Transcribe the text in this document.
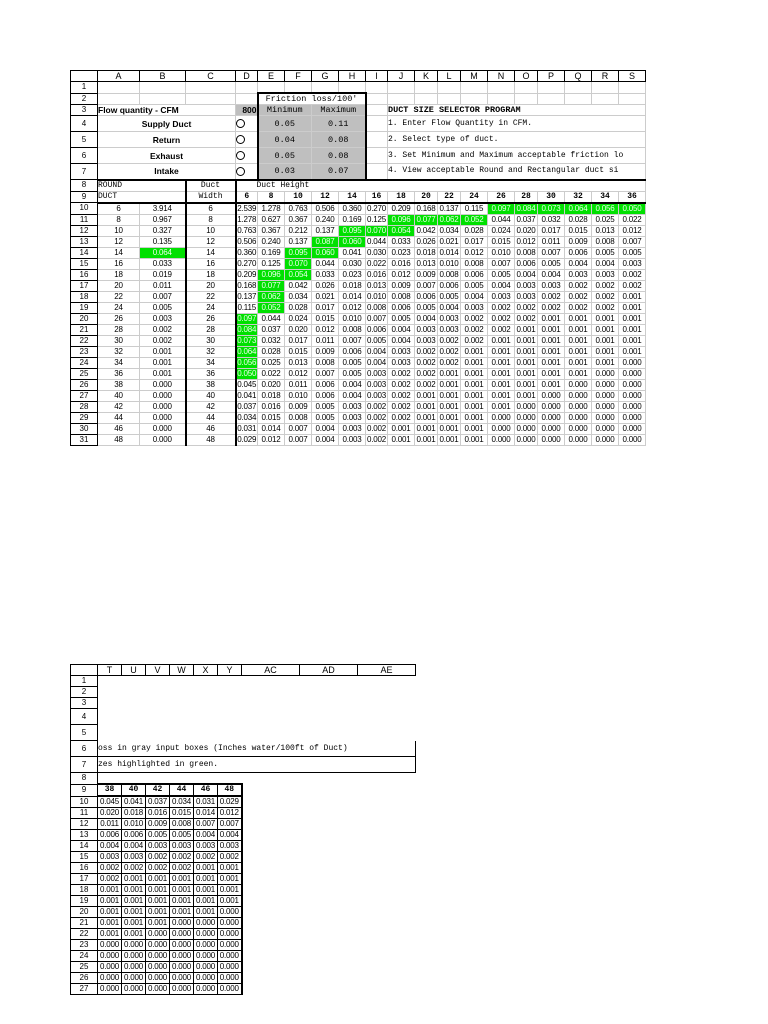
	A	B	C	D	E	F	G	H	I	J	K	L	M	N	O	P	Q	R	S
1																			
2					Friction loss/100'														
3	Flow quantity - CFM			800	Minimum		Maximum			DUCT SIZE SELECTOR PROGRAM									
4	Supply Duct				0.05		0.11			1. Enter Flow Quantity in CFM.									
5	Return				0.04		0.08			2. Select type of duct.									
6	Exhaust				0.05		0.08			3. Set Minimum and Maximum acceptable friction lo									
7	Intake				0.03		0.07			4. View acceptable Round and Rectangular duct si									
8	ROUND		Duct	Duct Height															
9	DUCT		Width	6	8	10	12	14	16	18	20	22	24	26	28	30	32	34	36
10	6	3.914	6	2.539	1.278	0.763	0.506	0.360	0.270	0.209	0.168	0.137	0.115	0.097	0.084	0.073	0.064	0.056	0.050
11	8	0.967	8	1.278	0.627	0.367	0.240	0.169	0.125	0.096	0.077	0.062	0.052	0.044	0.037	0.032	0.028	0.025	0.022
12	10	0.327	10	0.763	0.367	0.212	0.137	0.095	0.070	0.054	0.042	0.034	0.028	0.024	0.020	0.017	0.015	0.013	0.012
13	12	0.135	12	0.506	0.240	0.137	0.087	0.060	0.044	0.033	0.026	0.021	0.017	0.015	0.012	0.011	0.009	0.008	0.007
14	14	0.064	14	0.360	0.169	0.095	0.060	0.041	0.030	0.023	0.018	0.014	0.012	0.010	0.008	0.007	0.006	0.005	0.005
15	16	0.033	16	0.270	0.125	0.070	0.044	0.030	0.022	0.016	0.013	0.010	0.008	0.007	0.006	0.005	0.004	0.004	0.003
16	18	0.019	18	0.209	0.096	0.054	0.033	0.023	0.016	0.012	0.009	0.008	0.006	0.005	0.004	0.004	0.003	0.003	0.002
17	20	0.011	20	0.168	0.077	0.042	0.026	0.018	0.013	0.009	0.007	0.006	0.005	0.004	0.003	0.003	0.002	0.002	0.002
18	22	0.007	22	0.137	0.062	0.034	0.021	0.014	0.010	0.008	0.006	0.005	0.004	0.003	0.003	0.002	0.002	0.002	0.001
19	24	0.005	24	0.115	0.052	0.028	0.017	0.012	0.008	0.006	0.005	0.004	0.003	0.002	0.002	0.002	0.002	0.002	0.001
20	26	0.003	26	0.097	0.044	0.024	0.015	0.010	0.007	0.005	0.004	0.003	0.002	0.002	0.002	0.001	0.001	0.001	0.001
21	28	0.002	28	0.084	0.037	0.020	0.012	0.008	0.006	0.004	0.003	0.003	0.002	0.002	0.001	0.001	0.001	0.001	0.001
22	30	0.002	30	0.073	0.032	0.017	0.011	0.007	0.005	0.004	0.003	0.002	0.002	0.001	0.001	0.001	0.001	0.001	0.001
23	32	0.001	32	0.064	0.028	0.015	0.009	0.006	0.004	0.003	0.002	0.002	0.001	0.001	0.001	0.001	0.001	0.001	0.001
24	34	0.001	34	0.056	0.025	0.013	0.008	0.005	0.004	0.003	0.002	0.002	0.001	0.001	0.001	0.001	0.001	0.001	0.000
25	36	0.001	36	0.050	0.022	0.012	0.007	0.005	0.003	0.002	0.002	0.001	0.001	0.001	0.001	0.001	0.001	0.000	0.000
26	38	0.000	38	0.045	0.020	0.011	0.006	0.004	0.003	0.002	0.002	0.001	0.001	0.001	0.001	0.001	0.000	0.000	0.000
27	40	0.000	40	0.041	0.018	0.010	0.006	0.004	0.003	0.002	0.001	0.001	0.001	0.001	0.001	0.000	0.000	0.000	0.000
28	42	0.000	42	0.037	0.016	0.009	0.005	0.003	0.002	0.002	0.001	0.001	0.001	0.001	0.000	0.000	0.000	0.000	0.000
29	44	0.000	44	0.034	0.015	0.008	0.005	0.003	0.002	0.002	0.001	0.001	0.001	0.000	0.000	0.000	0.000	0.000	0.000
30	46	0.000	46	0.031	0.014	0.007	0.004	0.003	0.002	0.001	0.001	0.001	0.001	0.000	0.000	0.000	0.000	0.000	0.000
31	48	0.000	48	0.029	0.012	0.007	0.004	0.003	0.002	0.001	0.001	0.001	0.001	0.000	0.000	0.000	0.000	0.000	0.000
	T	U	V	W	X	Y	AC	AD	AE
1									
2									
3									
4									
5									
6	oss in gray input boxes (Inches water/100ft of Duct)								
7	zes highlighted in green.								
8									
9	38	40	42	44	46	48			
10	0.045	0.041	0.037	0.034	0.031	0.029			
11	0.020	0.018	0.016	0.015	0.014	0.012			
12	0.011	0.010	0.009	0.008	0.007	0.007			
13	0.006	0.006	0.005	0.005	0.004	0.004			
14	0.004	0.004	0.003	0.003	0.003	0.003			
15	0.003	0.003	0.002	0.002	0.002	0.002			
16	0.002	0.002	0.002	0.002	0.001	0.001			
17	0.002	0.001	0.001	0.001	0.001	0.001			
18	0.001	0.001	0.001	0.001	0.001	0.001			
19	0.001	0.001	0.001	0.001	0.001	0.001			
20	0.001	0.001	0.001	0.001	0.001	0.000			
21	0.001	0.001	0.001	0.000	0.000	0.000			
22	0.001	0.001	0.000	0.000	0.000	0.000			
23	0.000	0.000	0.000	0.000	0.000	0.000			
24	0.000	0.000	0.000	0.000	0.000	0.000			
25	0.000	0.000	0.000	0.000	0.000	0.000			
26	0.000	0.000	0.000	0.000	0.000	0.000			
27	0.000	0.000	0.000	0.000	0.000	0.000			
